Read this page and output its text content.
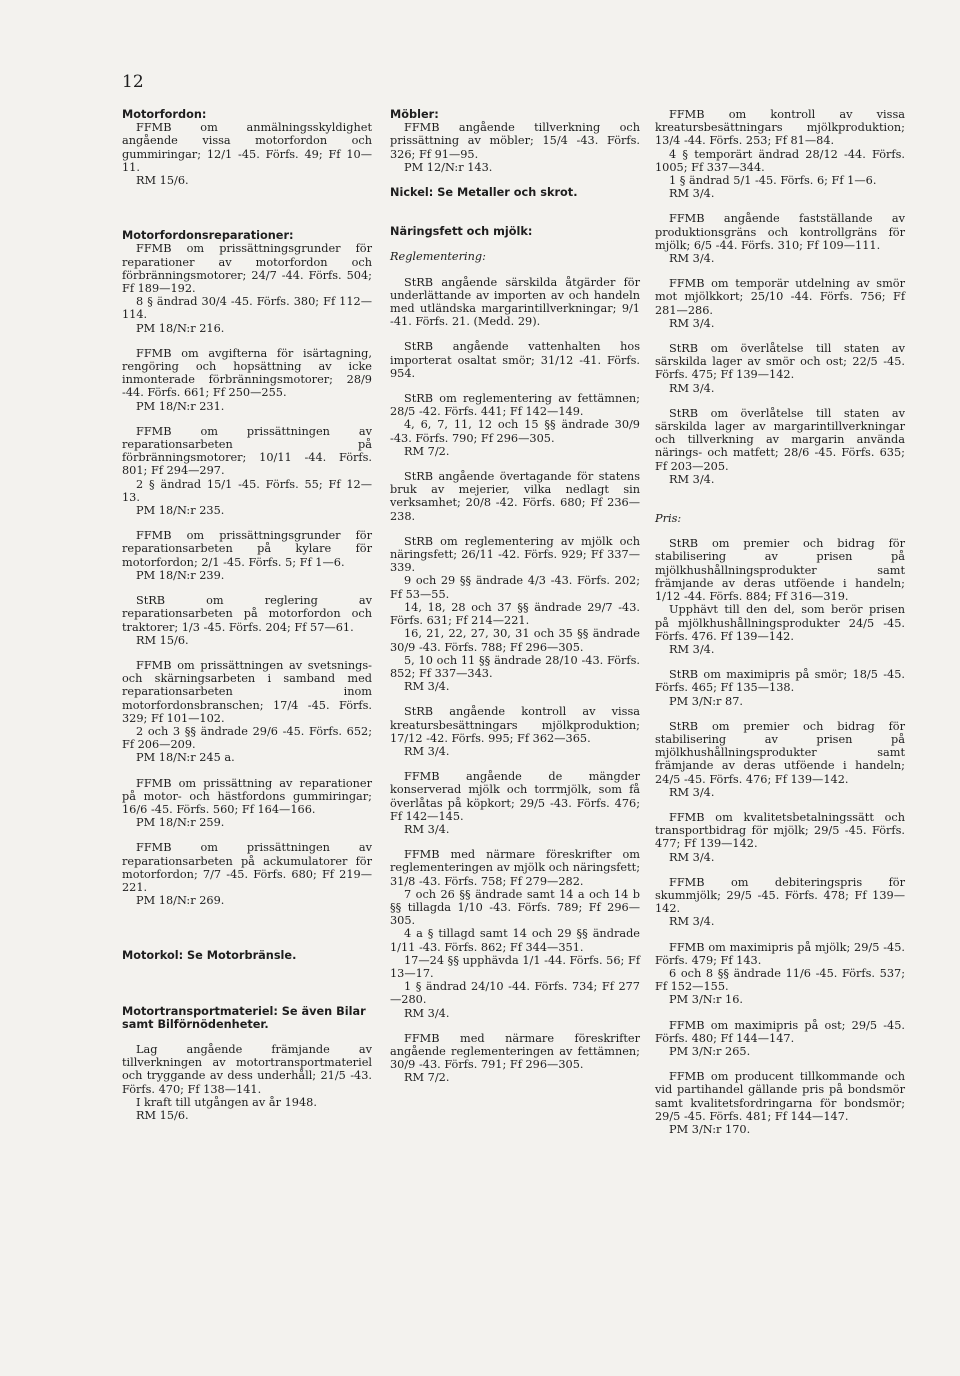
12

Motorfordon:

FFMB om anmälningsskyldighet angående vissa motorfordon och gummiringar; 12/1 -45. Förfs. 49; Ff 10—11.

RM 15/6.

Motorfordonsreparationer:

FFMB om prissättningsgrunder för reparationer av motorfordon och förbränningsmotorer; 24/7 -44. Förfs. 504; Ff 189—192.

8 § ändrad 30/4 -45. Förfs. 380; Ff 112—114.

PM 18/N:r 216.

FFMB om avgifterna för isärtagning, rengöring och hopsättning av icke inmonterade förbränningsmotorer; 28/9 -44. Förfs. 661; Ff 250—255.

PM 18/N:r 231.

FFMB om prissättningen av reparationsarbeten på förbränningsmotorer; 10/11 -44. Förfs. 801; Ff 294—297.

2 § ändrad 15/1 -45. Förfs. 55; Ff 12—13.

PM 18/N:r 235.

FFMB om prissättningsgrunder för reparationsarbeten på kylare för motorfordon; 2/1 -45. Förfs. 5; Ff 1—6.

PM 18/N:r 239.

StRB om reglering av reparationsarbeten på motorfordon och traktorer; 1/3 -45. Förfs. 204; Ff 57—61.

RM 15/6.

FFMB om prissättningen av svetsnings- och skärningsarbeten i samband med reparationsarbeten inom motorfordonsbranschen; 17/4 -45. Förfs. 329; Ff 101—102.

2 och 3 §§ ändrade 29/6 -45. Förfs. 652; Ff 206—209.

PM 18/N:r 245 a.

FFMB om prissättning av reparationer på motor- och hästfordons gummiringar; 16/6 -45. Förfs. 560; Ff 164—166.

PM 18/N:r 259.

FFMB om prissättningen av reparationsarbeten på ackumulatorer för motorfordon; 7/7 -45. Förfs. 680; Ff 219—221.

PM 18/N:r 269.

Motorkol: Se Motorbränsle.

Motortransportmateriel: Se även Bilar samt Bilförnödenheter.

Lag angående främjande av tillverkningen av motortransportmateriel och tryggande av dess underhåll; 21/5 -43. Förfs. 470; Ff 138—141.

I kraft till utgången av år 1948.

RM 15/6.

Möbler:

FFMB angående tillverkning och prissättning av möbler; 15/4 -43. Förfs. 326; Ff 91—95.

PM 12/N:r 143.

Nickel: Se Metaller och skrot.

Näringsfett och mjölk:

Reglementering:

StRB angående särskilda åtgärder för underlättande av importen av och handeln med utländska margarintillverkningar; 9/1 -41. Förfs. 21. (Medd. 29).

StRB angående vattenhalten hos importerat osaltat smör; 31/12 -41. Förfs. 954.

StRB om reglementering av fettämnen; 28/5 -42. Förfs. 441; Ff 142—149.

4, 6, 7, 11, 12 och 15 §§ ändrade 30/9 -43. Förfs. 790; Ff 296—305.

RM 7/2.

StRB angående övertagande för statens bruk av mejerier, vilka nedlagt sin verksamhet; 20/8 -42. Förfs. 680; Ff 236—238.

StRB om reglementering av mjölk och näringsfett; 26/11 -42. Förfs. 929; Ff 337—339.

9 och 29 §§ ändrade 4/3 -43. Förfs. 202; Ff 53—55.

14, 18, 28 och 37 §§ ändrade 29/7 -43. Förfs. 631; Ff 214—221.

16, 21, 22, 27, 30, 31 och 35 §§ ändrade 30/9 -43. Förfs. 788; Ff 296—305.

5, 10 och 11 §§ ändrade 28/10 -43. Förfs. 852; Ff 337—343.

RM 3/4.

StRB angående kontroll av vissa kreatursbesättningars mjölkproduktion; 17/12 -42. Förfs. 995; Ff 362—365.

RM 3/4.

FFMB angående de mängder konserverad mjölk och torrmjölk, som få överlåtas på köpkort; 29/5 -43. Förfs. 476; Ff 142—145.

RM 3/4.

FFMB med närmare föreskrifter om reglementeringen av mjölk och näringsfett; 31/8 -43. Förfs. 758; Ff 279—282.

7 och 26 §§ ändrade samt 14 a och 14 b §§ tillagda 1/10 -43. Förfs. 789; Ff 296—305.

4 a § tillagd samt 14 och 29 §§ ändrade 1/11 -43. Förfs. 862; Ff 344—351.

17—24 §§ upphävda 1/1 -44. Förfs. 56; Ff 13—17.

1 § ändrad 24/10 -44. Förfs. 734; Ff 277—280.

RM 3/4.

FFMB med närmare föreskrifter angående reglementeringen av fettämnen; 30/9 -43. Förfs. 791; Ff 296—305.

RM 7/2.

FFMB om kontroll av vissa kreatursbesättningars mjölkproduktion; 13/4 -44. Förfs. 253; Ff 81—84.

4 § temporärt ändrad 28/12 -44. Förfs. 1005; Ff 337—344.

1 § ändrad 5/1 -45. Förfs. 6; Ff 1—6.

RM 3/4.

FFMB angående fastställande av produktionsgräns och kontrollgräns för mjölk; 6/5 -44. Förfs. 310; Ff 109—111.

RM 3/4.

FFMB om temporär utdelning av smör mot mjölkkort; 25/10 -44. Förfs. 756; Ff 281—286.

RM 3/4.

StRB om överlåtelse till staten av särskilda lager av smör och ost; 22/5 -45. Förfs. 475; Ff 139—142.

RM 3/4.

StRB om överlåtelse till staten av särskilda lager av margarintillverkningar och tillverkning av margarin använda närings- och matfett; 28/6 -45. Förfs. 635; Ff 203—205.

RM 3/4.

Pris:

StRB om premier och bidrag för stabilisering av prisen på mjölkhushållningsprodukter samt främjande av deras utföende i handeln; 1/12 -44. Förfs. 884; Ff 316—319.

Upphävt till den del, som berör prisen på mjölkhushållningsprodukter 24/5 -45. Förfs. 476. Ff 139—142.

RM 3/4.

StRB om maximipris på smör; 18/5 -45. Förfs. 465; Ff 135—138.

PM 3/N:r 87.

StRB om premier och bidrag för stabilisering av prisen på mjölkhushållningsprodukter samt främjande av deras utföende i handeln; 24/5 -45. Förfs. 476; Ff 139—142.

RM 3/4.

FFMB om kvalitetsbetalningssätt och transportbidrag för mjölk; 29/5 -45. Förfs. 477; Ff 139—142.

RM 3/4.

FFMB om debiteringspris för skummjölk; 29/5 -45. Förfs. 478; Ff 139—142.

RM 3/4.

FFMB om maximipris på mjölk; 29/5 -45. Förfs. 479; Ff 143.

6 och 8 §§ ändrade 11/6 -45. Förfs. 537; Ff 152—155.

PM 3/N:r 16.

FFMB om maximipris på ost; 29/5 -45. Förfs. 480; Ff 144—147.

PM 3/N:r 265.

FFMB om producent tillkommande och vid partihandel gällande pris på bondsmör samt kvalitetsfordringarna för bondsmör; 29/5 -45. Förfs. 481; Ff 144—147.

PM 3/N:r 170.
